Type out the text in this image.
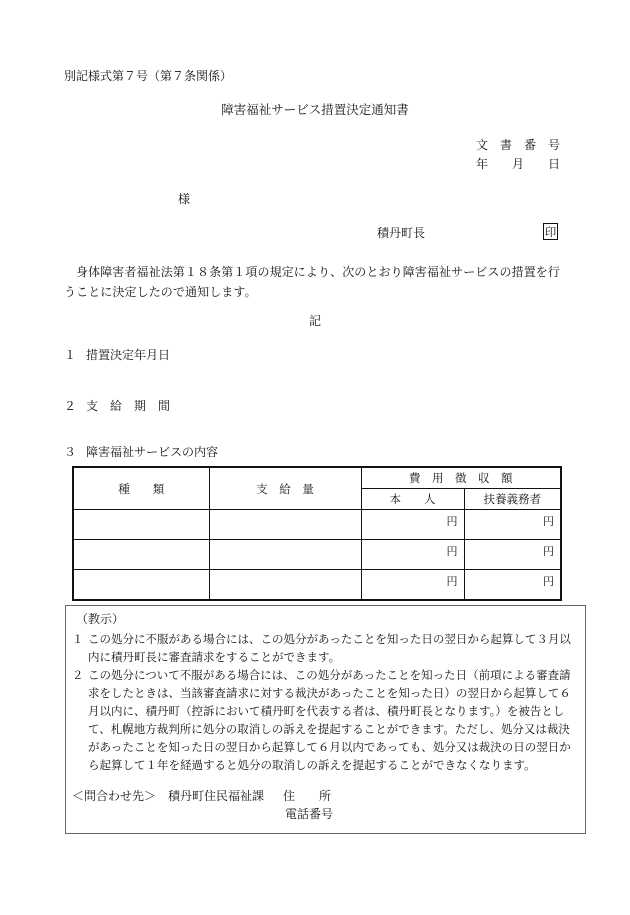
別記様式第７号（第７条関係）
障害福祉サービス措置決定通知書
文 書 番 号
年 月 日
様
積丹町長	印
身体障害者福祉法第１８条第１項の規定により、次のとおり障害福祉サービスの措置を行うことに決定したので通知します。
記
１ 措置決定年月日
２ 支　給　期　間
３ 障害福祉サービスの内容
種　　類	支　給　量	費　用　徴　収　額	
		本　　人	扶養義務者
		円	円
		円	円
		円	円
（教示）
１ この処分に不服がある場合には、この処分があったことを知った日の翌日から起算して３月以内に積丹町長に審査請求をすることができます。
２ この処分について不服がある場合には、この処分があったことを知った日（前項による審査請求をしたときは、当該審査請求に対する裁決があったことを知った日）の翌日から起算して６月以内に、積丹町（控訴において積丹町を代表する者は、積丹町長となります。）を被告として、札幌地方裁判所に処分の取消しの訴えを提起することができます。ただし、処分又は裁決があったことを知った日の翌日から起算して６月以内であっても、処分又は裁決の日の翌日から起算して１年を経過すると処分の取消しの訴えを提起することができなくなります。
＜問合わせ先＞ 積丹町住民福祉課	住　　所
電話番号
